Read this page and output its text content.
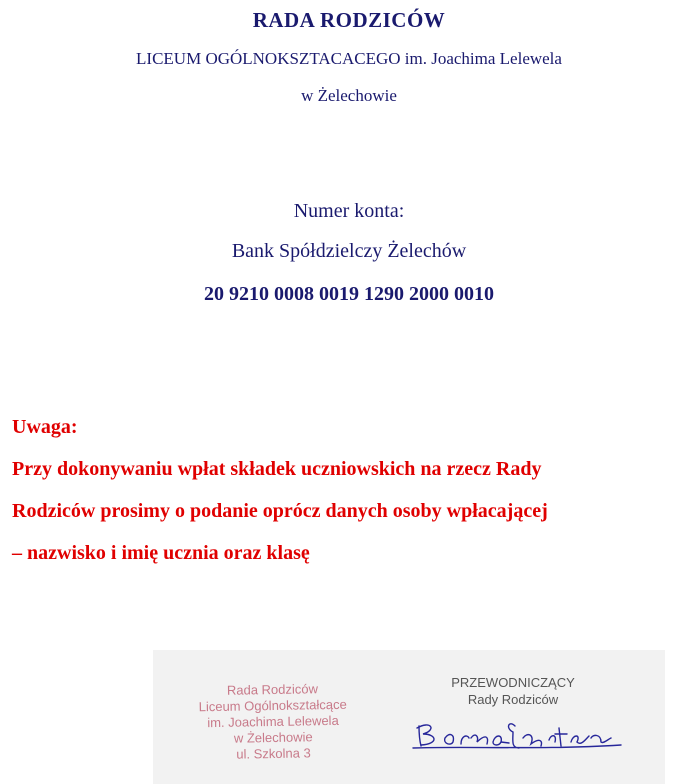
RADA RODZICÓW
LICEUM OGÓLNOKSZTACACEGO im. Joachima Lelewela
w Żelechowie
Numer konta:
Bank Spółdzielczy Żelechów
20 9210 0008 0019 1290 2000 0010

Uwaga:

Przy dokonywaniu wpłat składek uczniowskich na rzecz Rady

Rodziców prosimy o podanie oprócz danych osoby wpłacającej

– nazwisko i imię ucznia oraz klasę

Rada Rodziców
Liceum Ogólnokształcące
im. Joachima Lelewela
w Żelechowie
ul. Szkolna 3
PRZEWODNICZĄCY
Rady Rodziców
